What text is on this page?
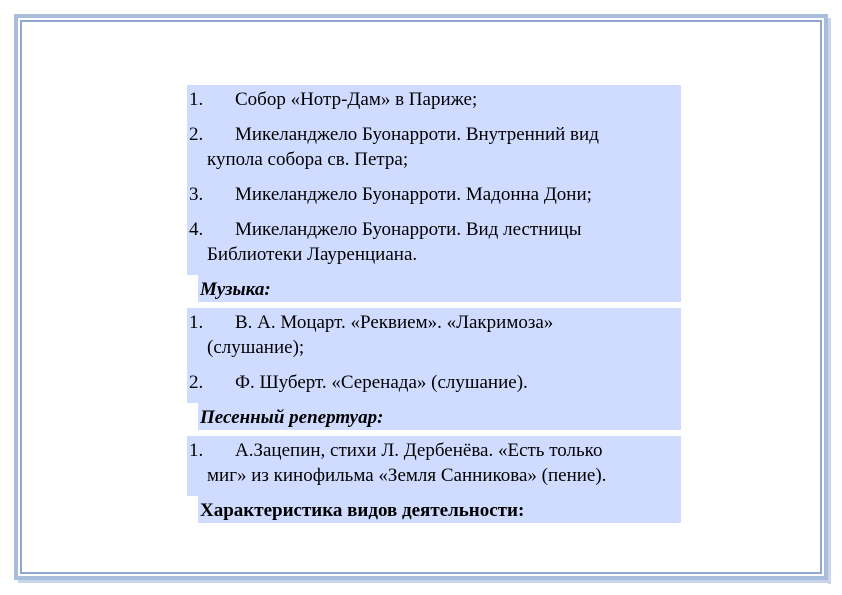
1.	Собор «Нотр-Дам» в Париже;
2.	Микеланджело Буонарроти. Внутренний вид
купола собора св. Петра;
3.	Микеланджело Буонарроти. Мадонна Дони;
4.	Микеланджело Буонарроти. Вид лестницы
Библиотеки Лауренциана.
Музыка:
1.	В. А. Моцарт. «Реквием». «Лакримоза»
(слушание);
2.	Ф. Шуберт. «Серенада» (слушание).
Песенный репертуар:
1.	А.Зацепин, стихи Л. Дербенёва. «Есть только
миг» из кинофильма «Земля Санникова» (пение).
Характеристика видов деятельности:
